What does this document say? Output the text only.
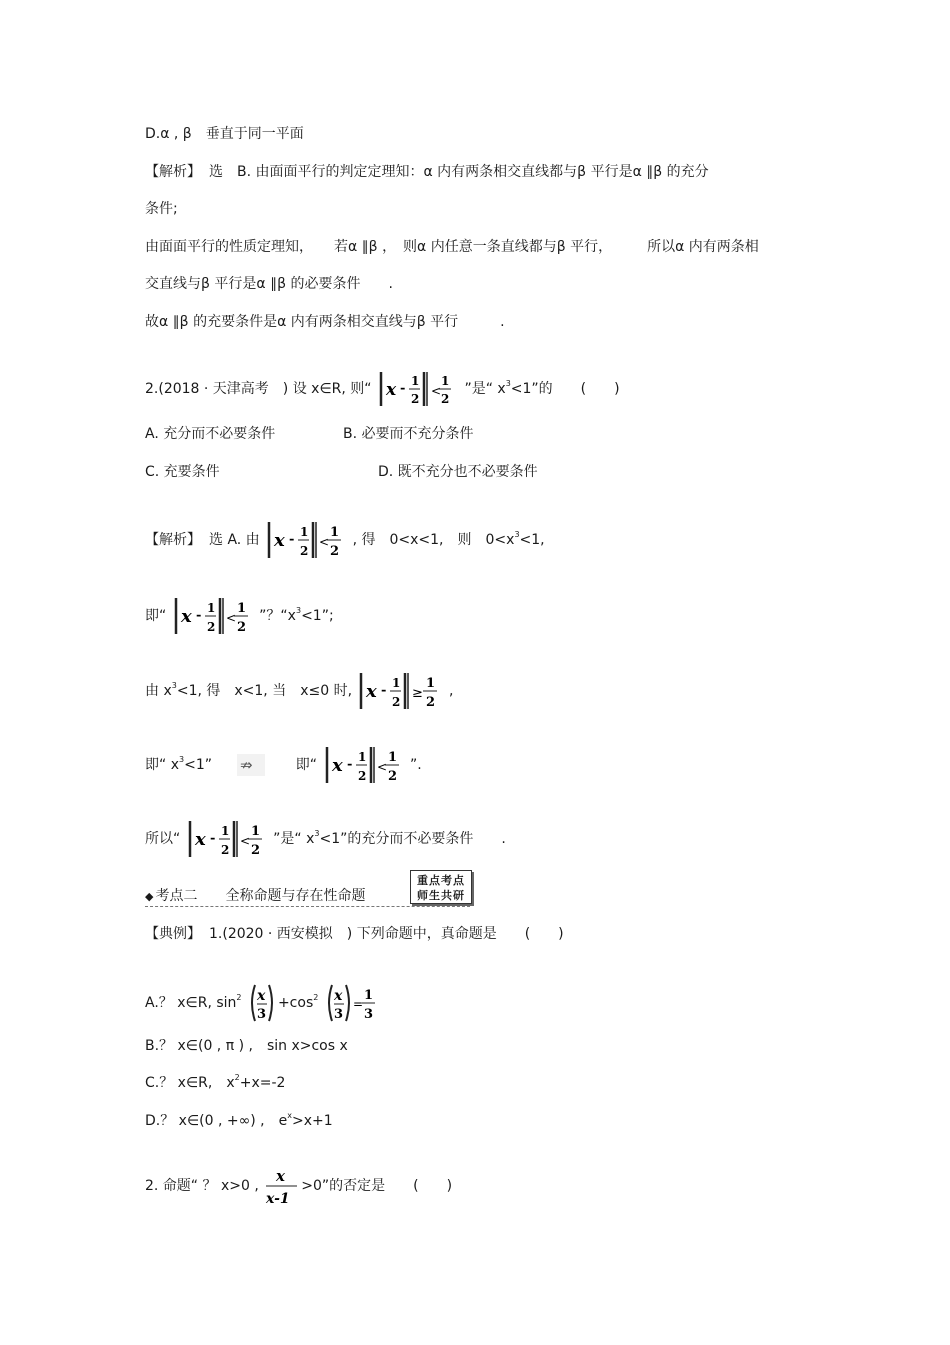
D.α , β　垂直于同一平面
【解析】 选　B. 由面面平行的判定定理知：α 内有两条相交直线都与β 平行是α ∥β 的充分
条件;
由面面平行的性质定理知，　　若α ∥β ，　则α 内任意一条直线都与β 平行，　　　所以α 内有两条相
交直线与β 平行是α ∥β 的必要条件　　.
故α ∥β 的充要条件是α 内有两条相交直线与β 平行　　　.
2.(2018 · 天津高考　) 设 x∈R, 则“ x - 1
2
<
1
2
”是“ $x^3<1$”的　　(　　)
A. 充分而不必要条件	B. 必要而不充分条件
C. 充要条件	D. 既不充分也不必要条件
【解析】 选 A. 由 x - 1
2
<
1
2
, 得　0<x<1,　则　$0<x^3<1$,
即“ x - 1
2
<
1
2
”？“$x^3<1$”;
由 $x^3<1$, 得　x<1, 当　x≤0 时, x - 1
2
≥
1
2
,
即“ $x^3<1$” ⇏	即“ x - 1
2
<
1
2
”.
所以“ x - 1
2
<
1
2
”是“ $x^3<1$”的充分而不必要条件　　.
◆ 考点二　　全称命题与存在性命题
重点考点
师生共研
【典例】 1.(2020 · 西安模拟　) 下列命题中，真命题是　　(　　)
A.？ x∈R, $\sin^2 x$
3
$+\cos^2$ x
3
=
1
3
B.？ x∈(0 , π ) ,　sin x>cos x
C.？ x∈R,　$x^2+x=-2$
D.？ x∈(0 , +∞) ,　$e^x>x+1$
2. 命题“ ？ x>0 ,
x
x-1
>0”的否定是　　(　　)
